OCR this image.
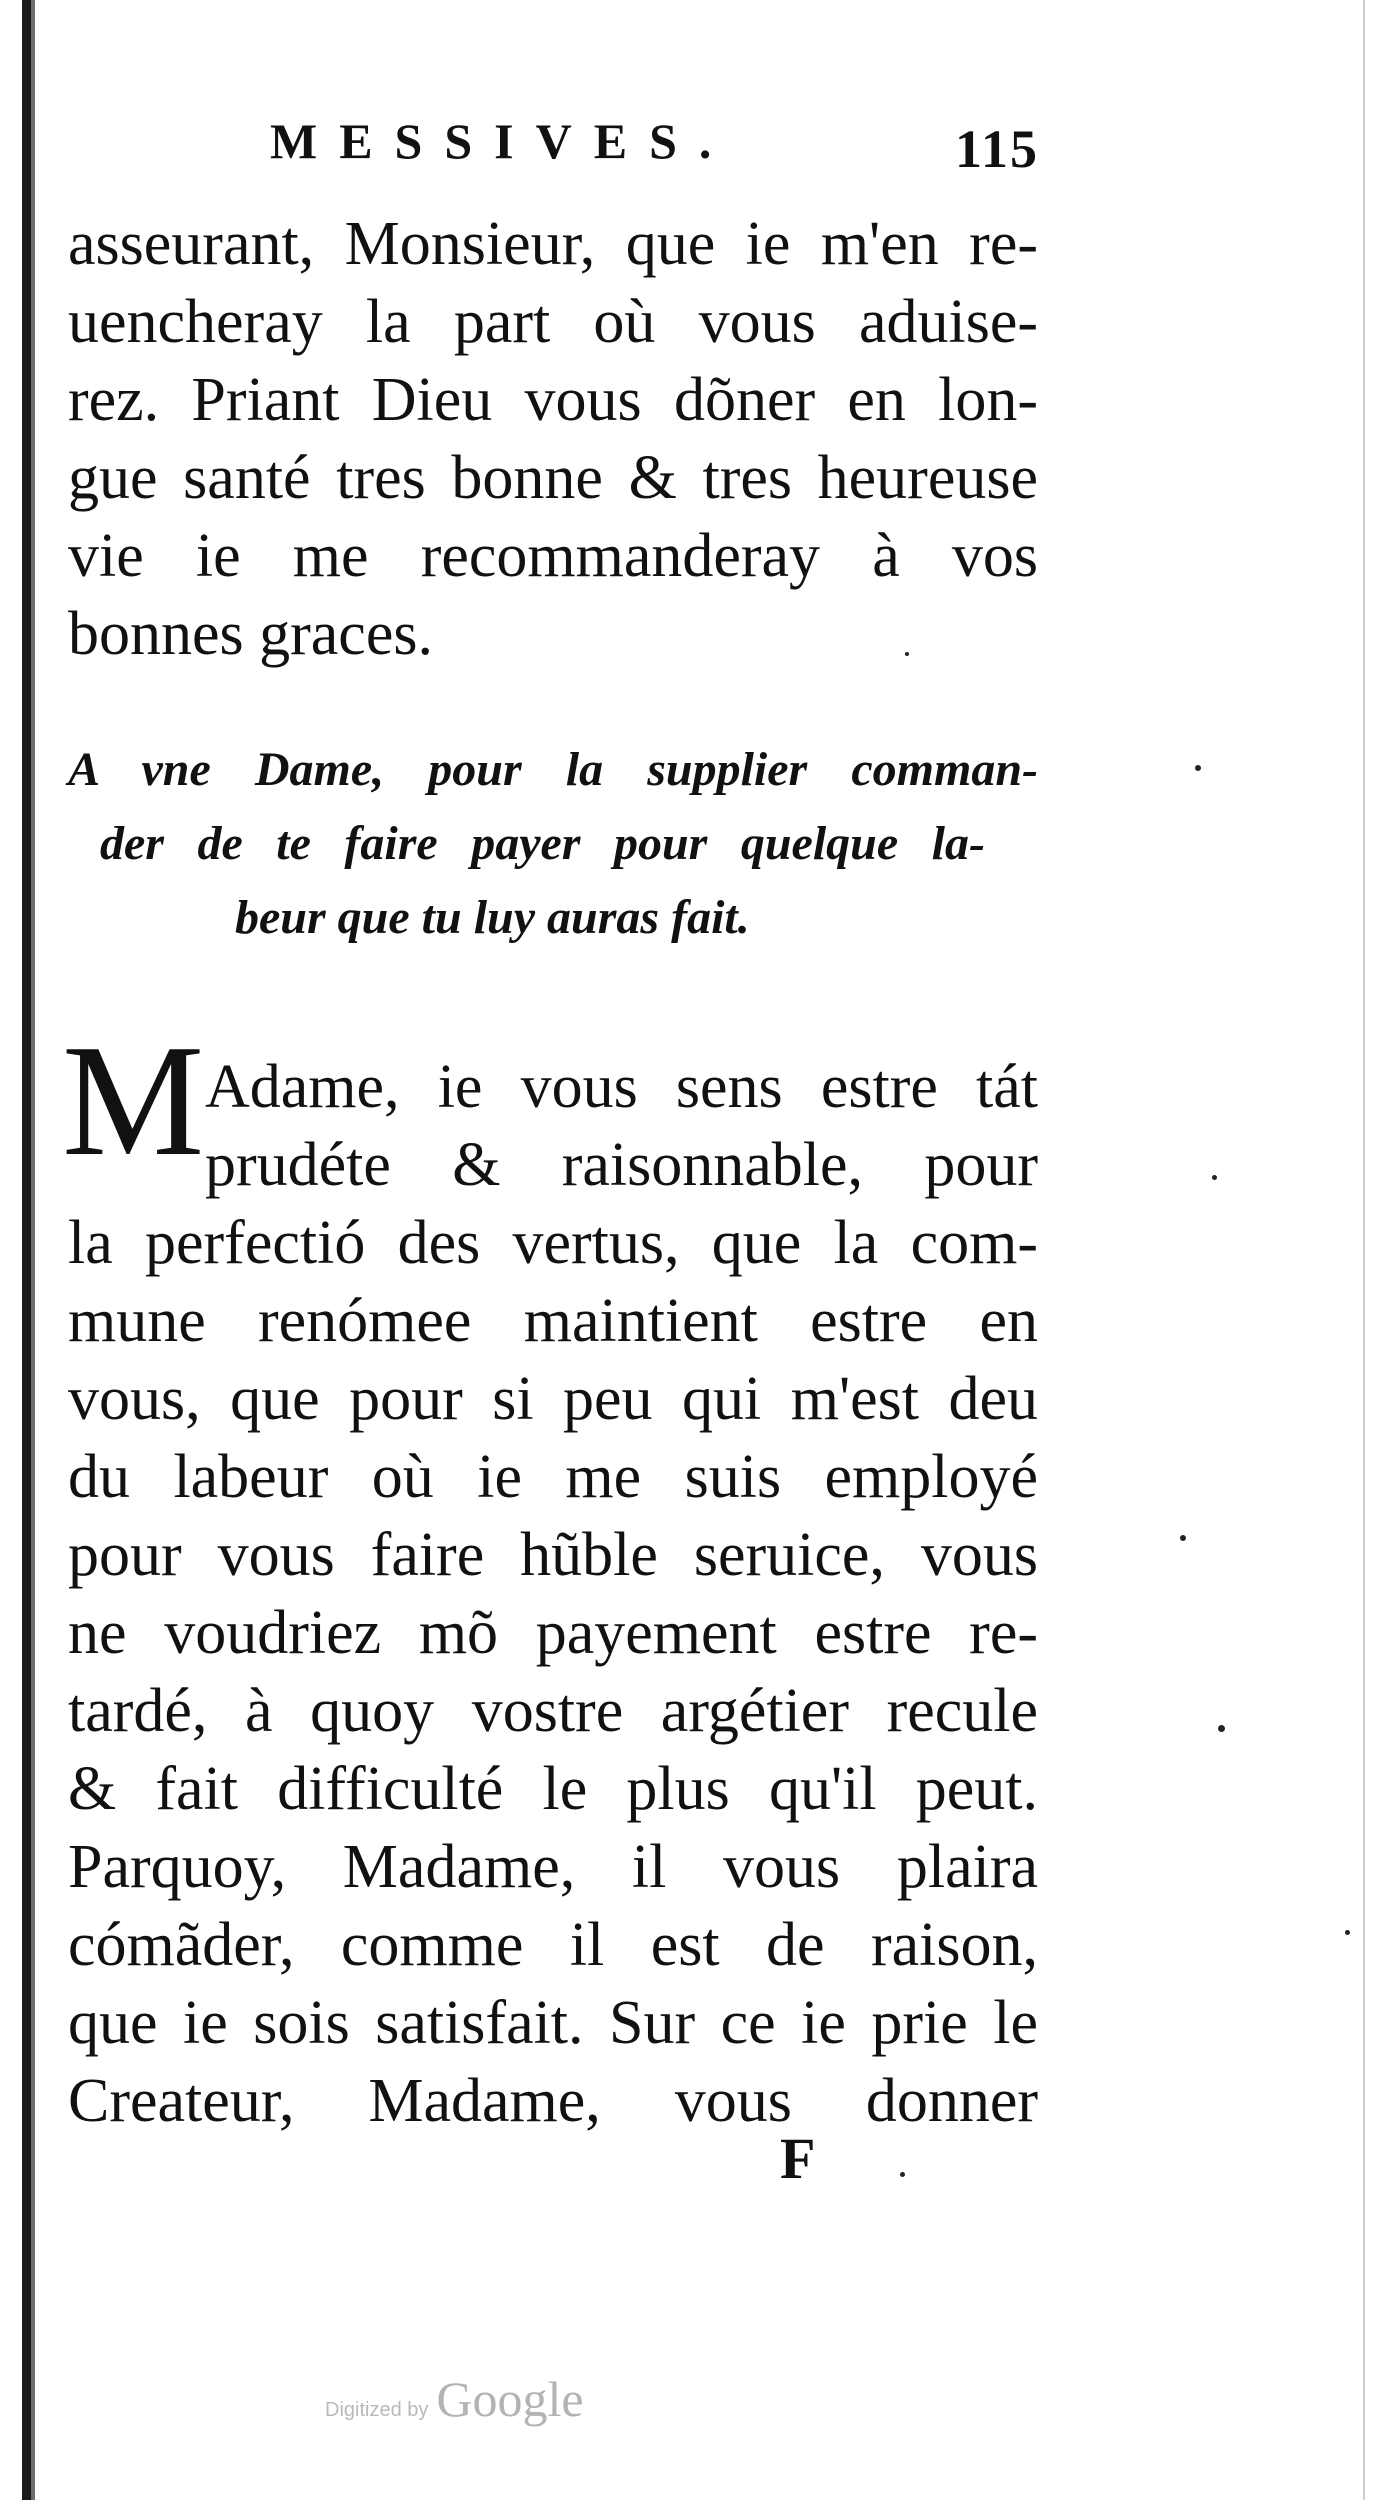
MESSIVES.	115
asseurant, Monsieur, que ie m'en re-
uencheray la part où vous aduise-
rez. Priant Dieu vous dõner en lon-
gue santé tres bonne & tres heureuse
vie ie me recommanderay à vos
bonnes graces.
A vne Dame, pour la supplier comman-
der de te faire payer pour quelque la-
beur que tu luy auras fait.
M Adame, ie vous sens estre tát
prudéte & raisonnable, pour
la perfectió des vertus, que la com-
mune renómee maintient estre en
vous, que pour si peu qui m'est deu
du labeur où ie me suis employé
pour vous faire hũble seruice, vous
ne voudriez mõ payement estre re-
tardé, à quoy vostre argétier recule
& fait difficulté le plus qu'il peut.
Parquoy, Madame, il vous plaira
cómãder, comme il est de raison,
que ie sois satisfait. Sur ce ie prie le
Createur, Madame, vous donner
F
Digitized by Google
